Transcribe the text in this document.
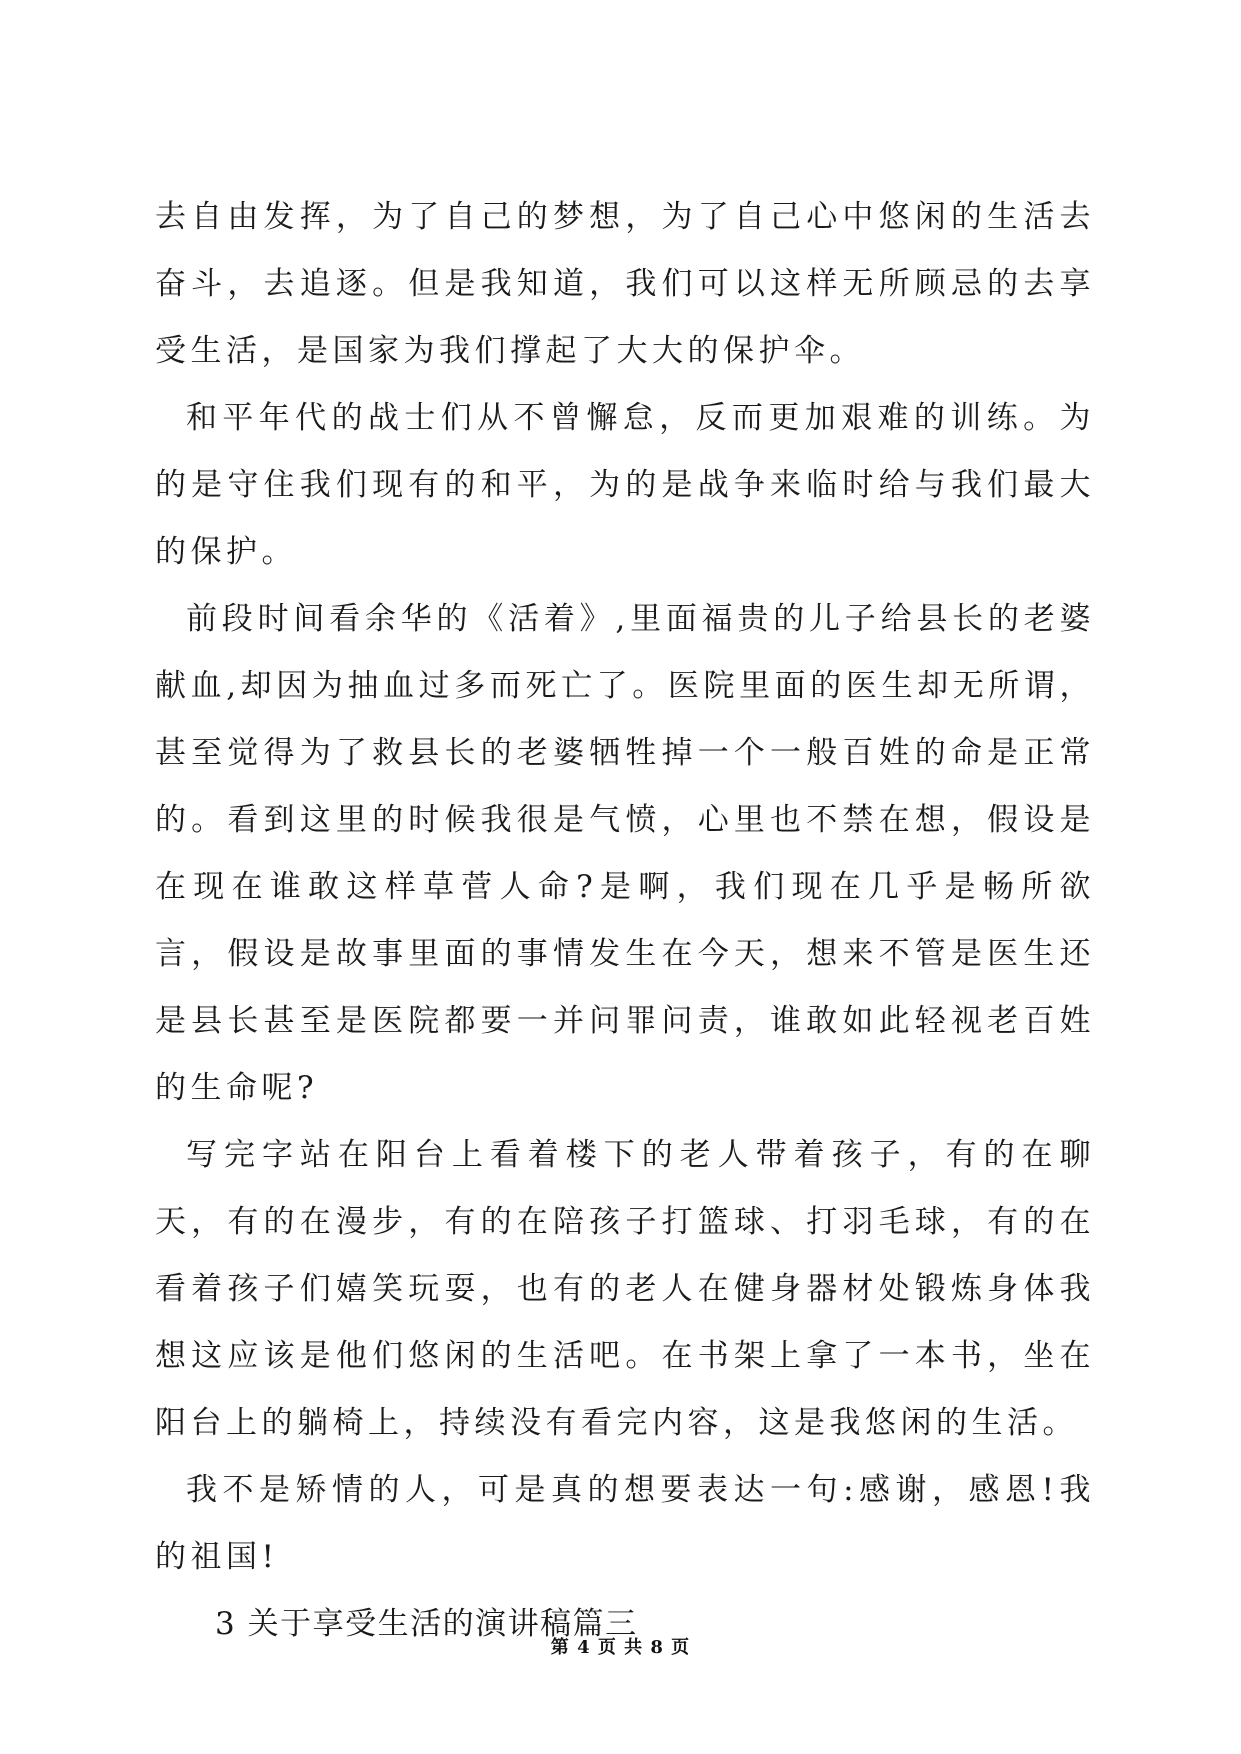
去自由发挥，为了自己的梦想，为了自己心中悠闲的生活去奋斗，去追逐。但是我知道，我们可以这样无所顾忌的去享受生活，是国家为我们撑起了大大的保护伞。

和平年代的战士们从不曾懈怠，反而更加艰难的训练。为的是守住我们现有的和平，为的是战争来临时给与我们最大的保护。

前段时间看余华的《活着》,里面福贵的儿子给县长的老婆献血,却因为抽血过多而死亡了。医院里面的医生却无所谓，甚至觉得为了救县长的老婆牺牲掉一个一般百姓的命是正常的。看到这里的时候我很是气愤，心里也不禁在想，假设是在现在谁敢这样草菅人命?是啊，我们现在几乎是畅所欲言，假设是故事里面的事情发生在今天，想来不管是医生还是县长甚至是医院都要一并问罪问责，谁敢如此轻视老百姓的生命呢?

写完字站在阳台上看着楼下的老人带着孩子，有的在聊天，有的在漫步，有的在陪孩子打篮球、打羽毛球，有的在看着孩子们嬉笑玩耍，也有的老人在健身器材处锻炼身体我想这应该是他们悠闲的生活吧。在书架上拿了一本书，坐在阳台上的躺椅上，持续没有看完内容，这是我悠闲的生活。

我不是矫情的人，可是真的想要表达一句:感谢，感恩!我的祖国!

3 关于享受生活的演讲稿篇三

第 4 页 共 8 页
